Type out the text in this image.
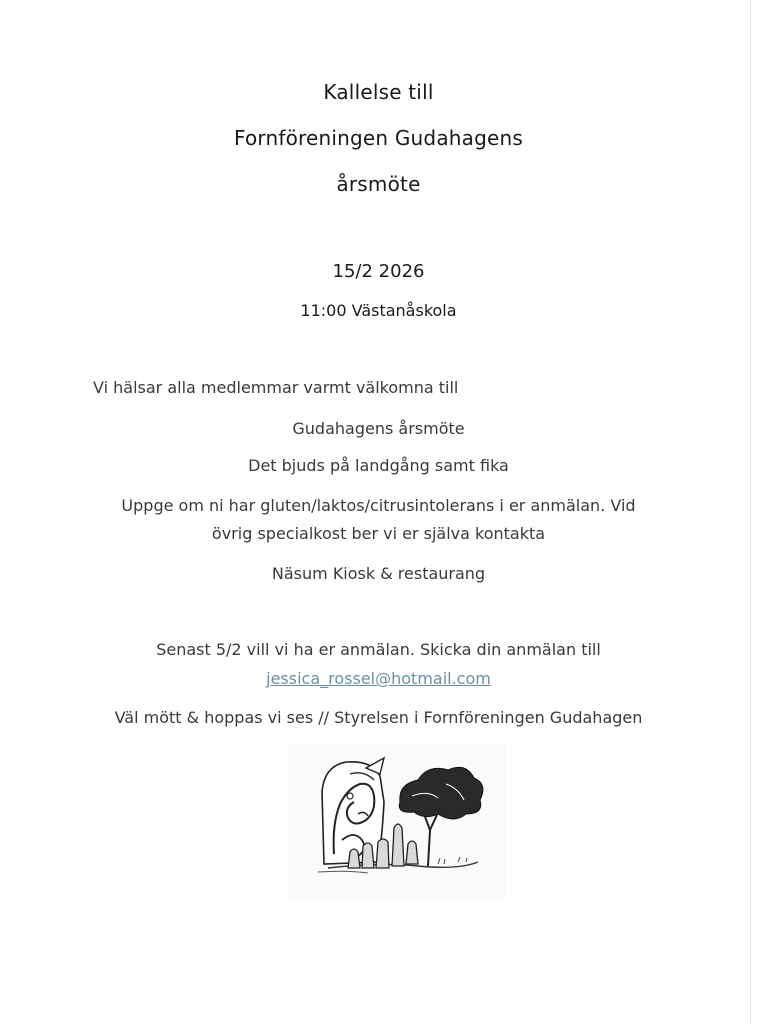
Kallelse till
Fornföreningen Gudahagens
årsmöte
15/2 2026
11:00 Västanåskola
Vi hälsar alla medlemmar varmt välkomna till
Gudahagens årsmöte
Det bjuds på landgång samt fika
Uppge om ni har gluten/laktos/citrusintolerans i er anmälan. Vid
övrig specialkost ber vi er själva kontakta
Näsum Kiosk & restaurang
Senast 5/2 vill vi ha er anmälan. Skicka din anmälan till
jessica_rossel@hotmail.com
Väl mött & hoppas vi ses // Styrelsen i Fornföreningen Gudahagen
